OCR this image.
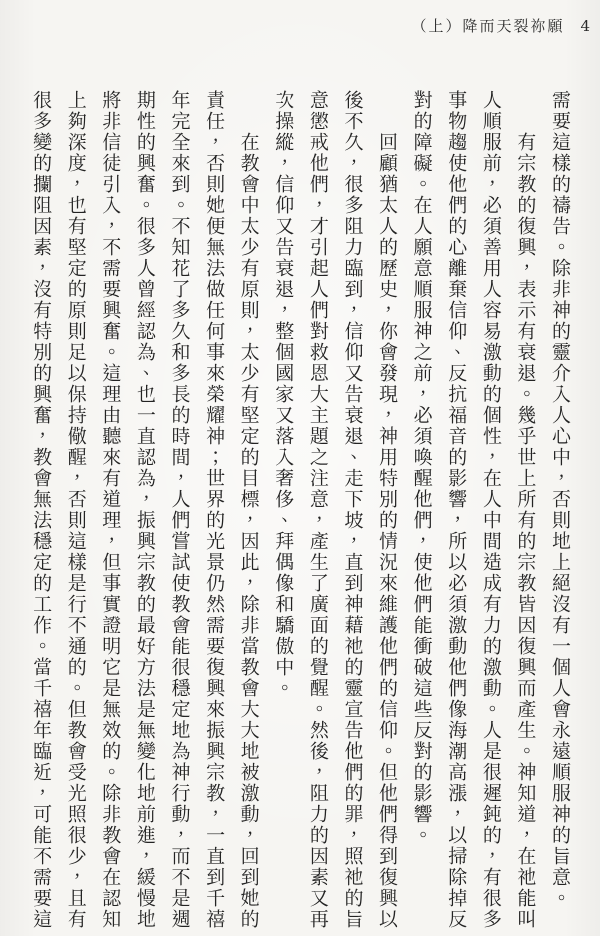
（上）降而天裂祢願 4
需要這樣的禱告。除非神的靈介入人心中，否則地上絕沒有一個人會永遠順服神的旨意。
有宗教的復興，表示有衰退。幾乎世上所有的宗教皆因復興而產生。神知道，在祂能叫
人順服前，必須善用人容易激動的個性，在人中間造成有力的激動。人是很遲鈍的，有很多
事物趨使他們的心離棄信仰、反抗福音的影響，所以必須激動他們像海潮高漲，以掃除掉反
對的障礙。在人願意順服神之前，必須喚醒他們，使他們能衝破這些反對的影響。
回顧猶太人的歷史，你會發現，神用特別的情況來維護他們的信仰。但他們得到復興以
後不久，很多阻力臨到，信仰又告衰退、走下坡，直到神藉祂的靈宣告他們的罪，照祂的旨
意懲戒他們，才引起人們對救恩大主題之注意，產生了廣面的覺醒。然後，阻力的因素又再
次操縱，信仰又告衰退，整個國家又落入奢侈、拜偶像和驕傲中。
在教會中太少有原則，太少有堅定的目標，因此，除非當教會大大地被激動，回到她的
責任，否則她便無法做任何事來榮耀神；世界的光景仍然需要復興來振興宗教，一直到千禧
年完全來到。不知花了多久和多長的時間，人們嘗試使教會能很穩定地為神行動，而不是週
期性的興奮。很多人曾經認為、也一直認為，振興宗教的最好方法是無變化地前進，緩慢地
將非信徒引入，不需要興奮。這理由聽來有道理，但事實證明它是無效的。除非教會在認知
上夠深度，也有堅定的原則足以保持儆醒，否則這樣是行不通的。但教會受光照很少，且有
很多變的攔阻因素，沒有特別的興奮，教會無法穩定的工作。當千禧年臨近，可能不需要這
